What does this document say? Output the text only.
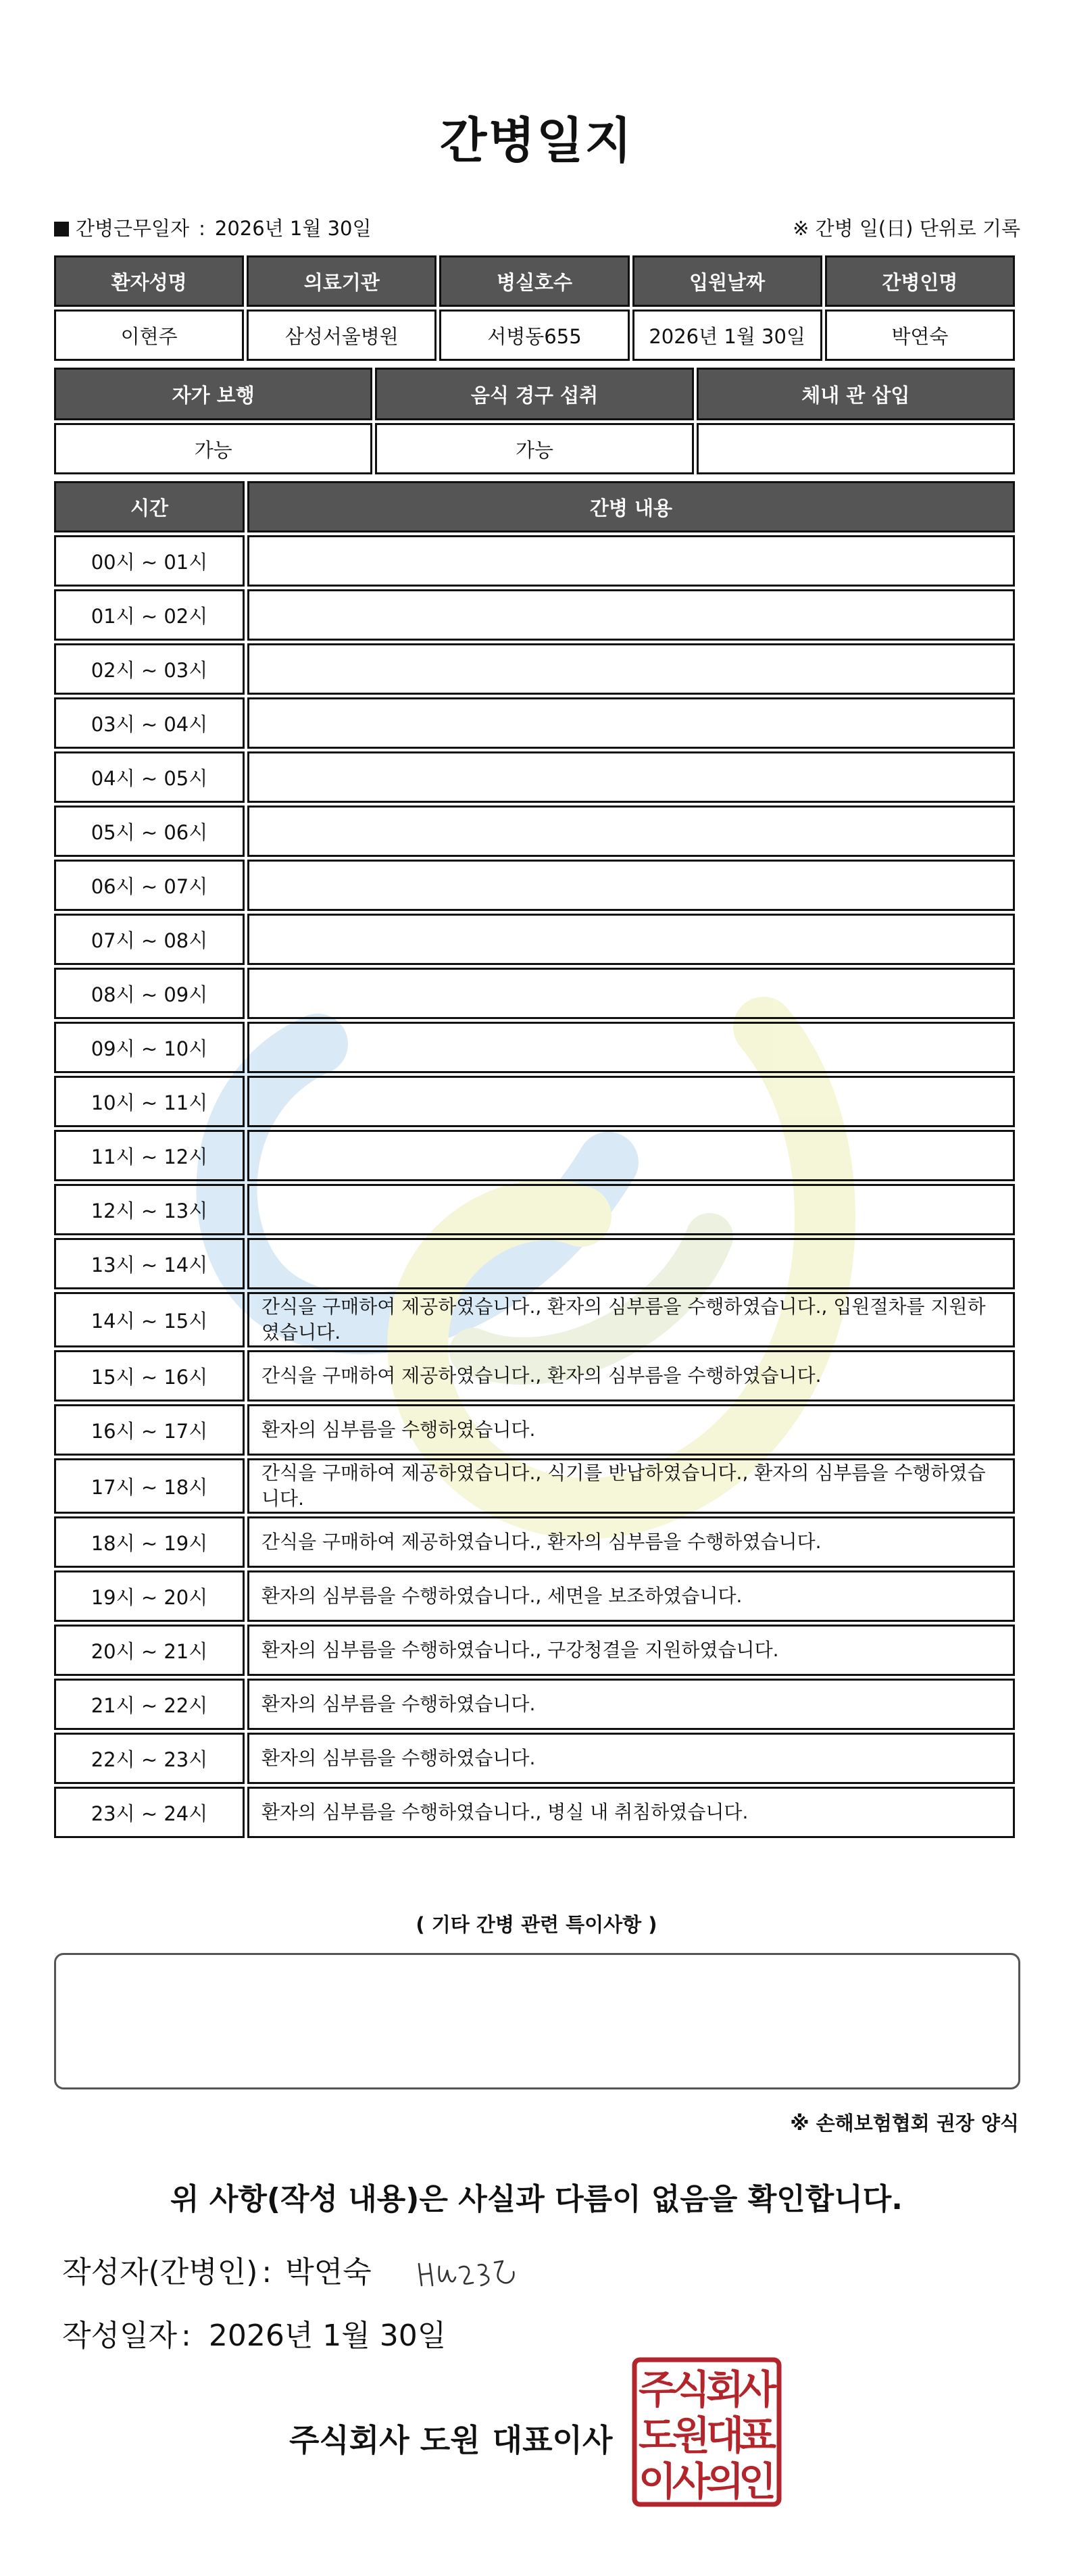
간병일지
간병근무일자 : 2026년 1월 30일	※ 간병 일(日) 단위로 기록
환자성명	의료기관	병실호수	입원날짜	간병인명
이현주	삼성서울병원	서병동655	2026년 1월 30일	박연숙
자가 보행	음식 경구 섭취	체내 관 삽입
가능	가능	
시간	간병 내용
00시 ~ 01시	
01시 ~ 02시	
02시 ~ 03시	
03시 ~ 04시	
04시 ~ 05시	
05시 ~ 06시	
06시 ~ 07시	
07시 ~ 08시	
08시 ~ 09시	
09시 ~ 10시	
10시 ~ 11시	
11시 ~ 12시	
12시 ~ 13시	
13시 ~ 14시	
14시 ~ 15시	간식을 구매하여 제공하였습니다., 환자의 심부름을 수행하였습니다., 입원절차를 지원하였습니다.
15시 ~ 16시	간식을 구매하여 제공하였습니다., 환자의 심부름을 수행하였습니다.
16시 ~ 17시	환자의 심부름을 수행하였습니다.
17시 ~ 18시	간식을 구매하여 제공하였습니다., 식기를 반납하였습니다., 환자의 심부름을 수행하였습니다.
18시 ~ 19시	간식을 구매하여 제공하였습니다., 환자의 심부름을 수행하였습니다.
19시 ~ 20시	환자의 심부름을 수행하였습니다., 세면을 보조하였습니다.
20시 ~ 21시	환자의 심부름을 수행하였습니다., 구강청결을 지원하였습니다.
21시 ~ 22시	환자의 심부름을 수행하였습니다.
22시 ~ 23시	환자의 심부름을 수행하였습니다.
23시 ~ 24시	환자의 심부름을 수행하였습니다., 병실 내 취침하였습니다.
( 기타 간병 관련 특이사항 )
※ 손해보험협회 권장 양식
위 사항(작성 내용)은 사실과 다름이 없음을 확인합니다.
작성자(간병인) : 박연숙
작성일자 : 2026년 1월 30일
주식회사 도원 대표이사
주
식
회
사
도
원
대
표
이
사
의
인
